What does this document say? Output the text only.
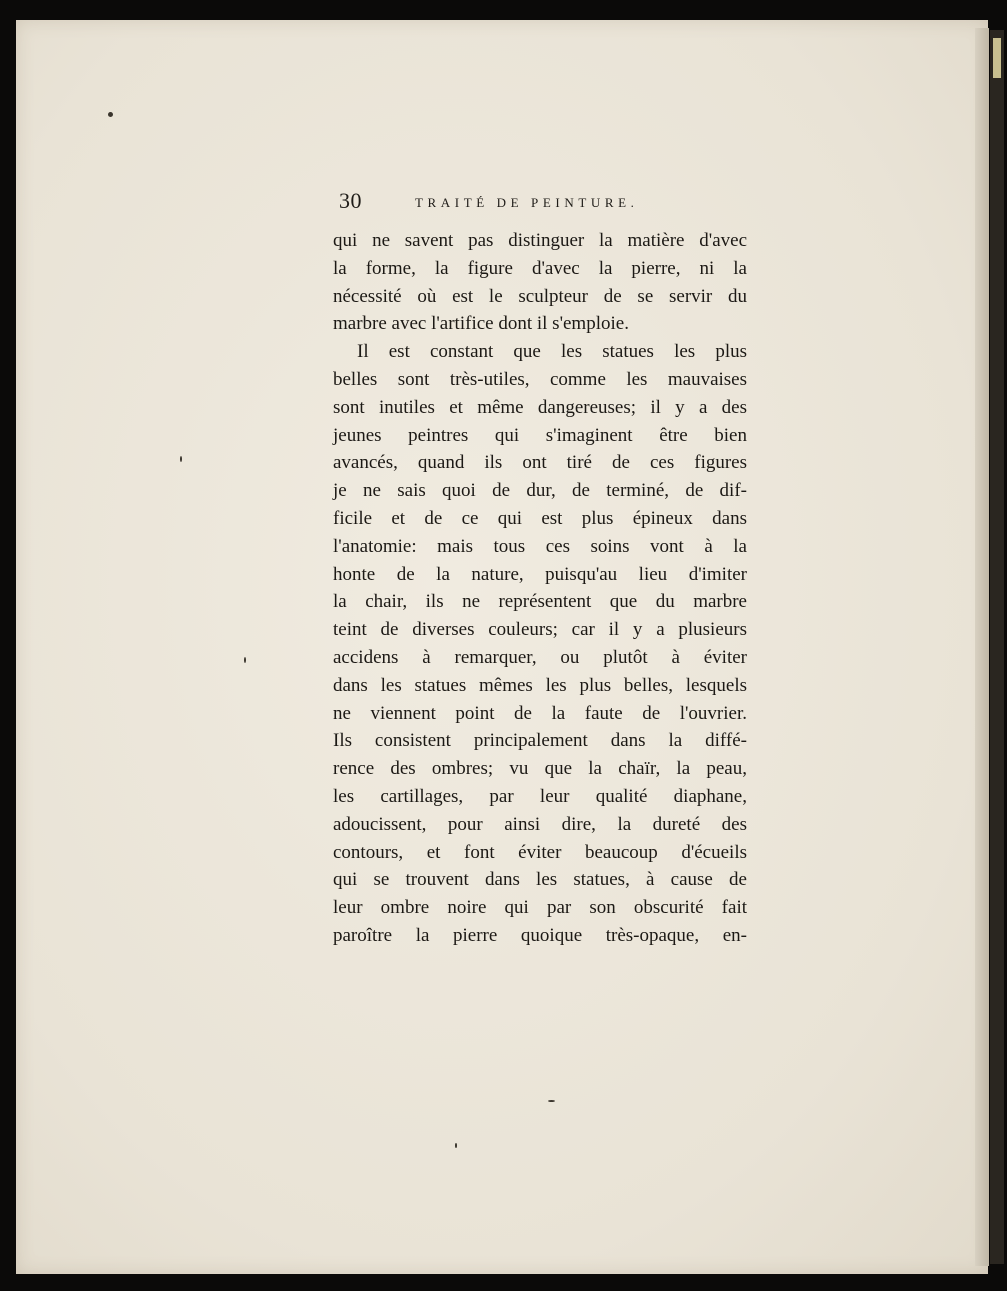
30	TRAITÉ DE PEINTURE.
qui ne savent pas distinguer la matière d'avec
la forme, la figure d'avec la pierre, ni la
nécessité où est le sculpteur de se servir du
marbre avec l'artifice dont il s'emploie.
Il est constant que les statues les plus
belles sont très-utiles, comme les mauvaises
sont inutiles et même dangereuses; il y a des
jeunes peintres qui s'imaginent être bien
avancés, quand ils ont tiré de ces figures
je ne sais quoi de dur, de terminé, de dif-
ficile et de ce qui est plus épineux dans
l'anatomie: mais tous ces soins vont à la
honte de la nature, puisqu'au lieu d'imiter
la chair, ils ne représentent que du marbre
teint de diverses couleurs; car il y a plusieurs
accidens à remarquer, ou plutôt à éviter
dans les statues mêmes les plus belles, lesquels
ne viennent point de la faute de l'ouvrier.
Ils consistent principalement dans la diffé-
rence des ombres; vu que la chaïr, la peau,
les cartillages, par leur qualité diaphane,
adoucissent, pour ainsi dire, la dureté des
contours, et font éviter beaucoup d'écueils
qui se trouvent dans les statues, à cause de
leur ombre noire qui par son obscurité fait
paroître la pierre quoique très-opaque, en-
